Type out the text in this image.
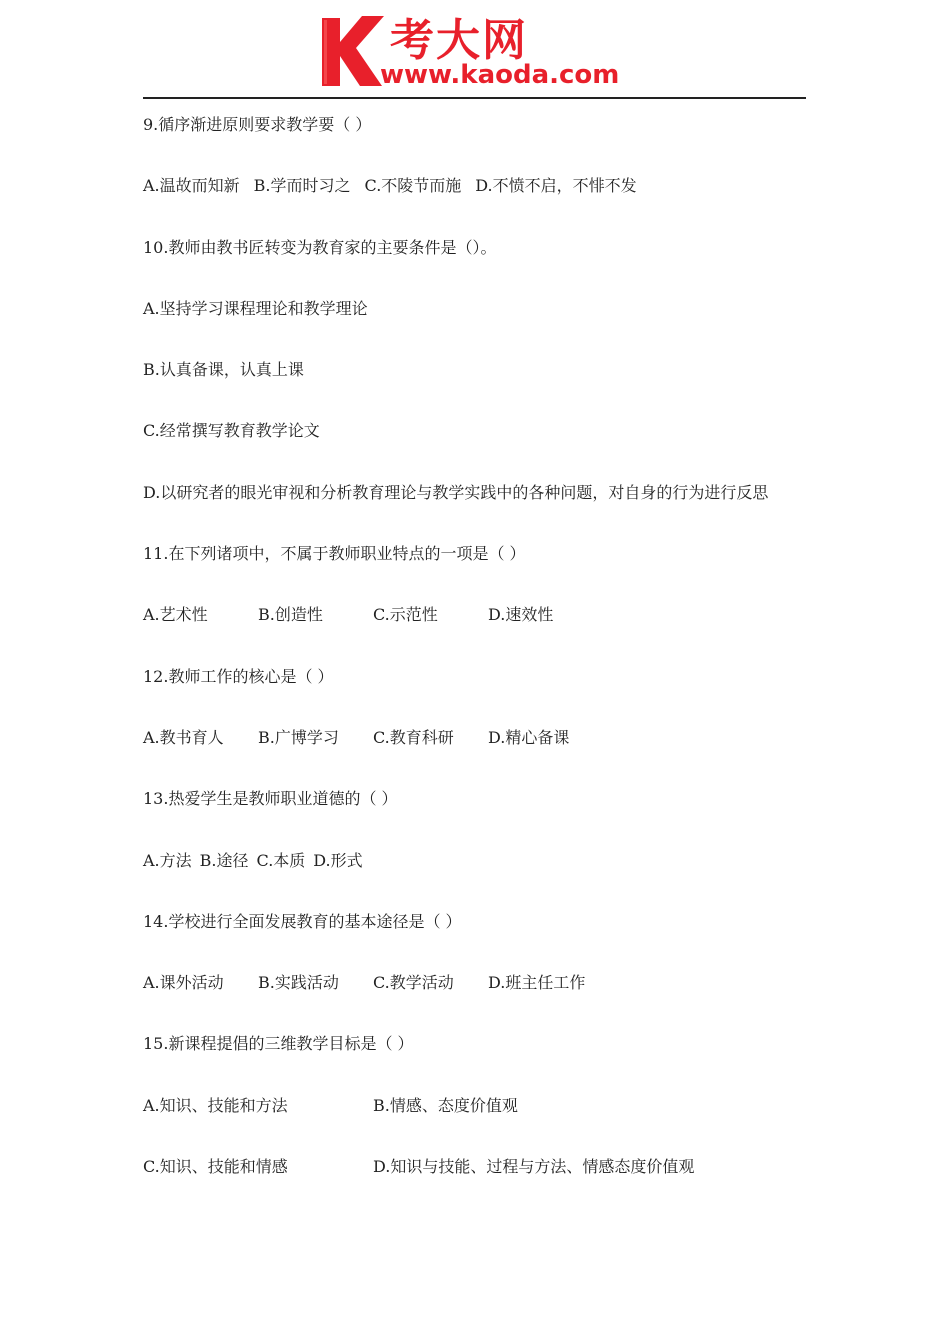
考大网
www.kaoda.com
9.循序渐进原则要求教学要（ ）
A.温故而知新 B.学而时习之 C.不陵节而施 D.不愤不启，不悱不发
10.教师由教书匠转变为教育家的主要条件是（）。
A.坚持学习课程理论和教学理论
B.认真备课，认真上课
C.经常撰写教育教学论文
D.以研究者的眼光审视和分析教育理论与教学实践中的各种问题，对自身的行为进行反思
11.在下列诸项中，不属于教师职业特点的一项是（ ）
A.艺术性	B.创造性	C.示范性	D.速效性
12.教师工作的核心是（ ）
A.教书育人	B.广博学习	C.教育科研	D.精心备课
13.热爱学生是教师职业道德的（ ）
A.方法 B.途径 C.本质 D.形式
14.学校进行全面发展教育的基本途径是（ ）
A.课外活动	B.实践活动	C.教学活动	D.班主任工作
15.新课程提倡的三维教学目标是（ ）
A.知识、技能和方法	B.情感、态度价值观
C.知识、技能和情感	D.知识与技能、过程与方法、情感态度价值观
